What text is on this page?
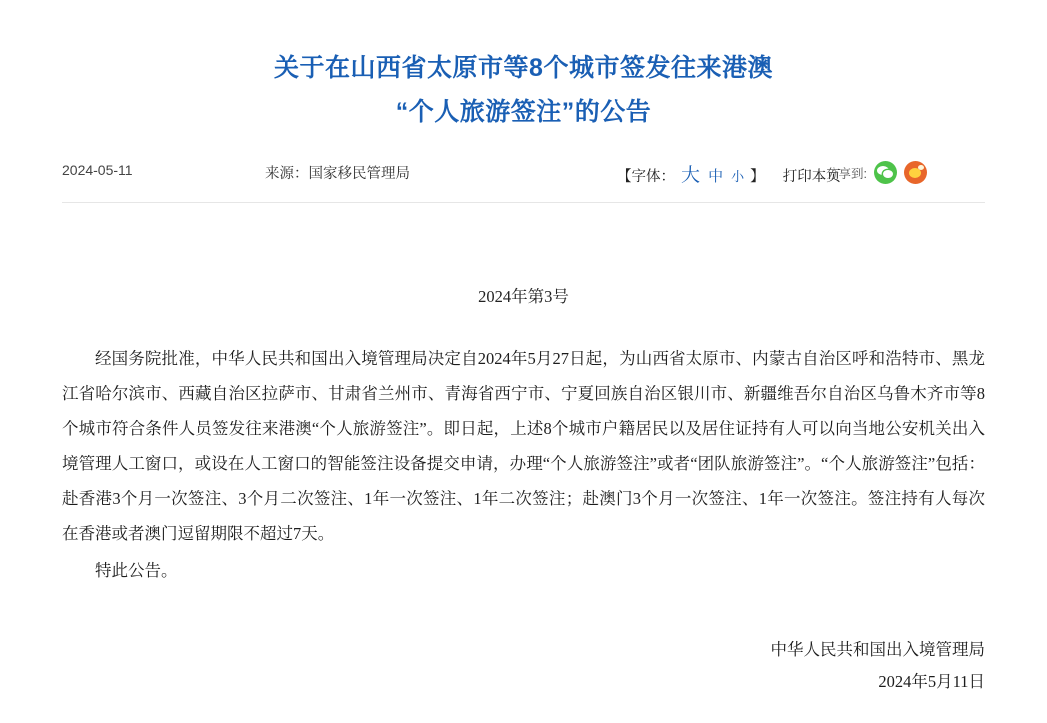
关于在山西省太原市等8个城市签发往来港澳
“个人旅游签注”的公告
2024-05-11	来源：国家移民管理局	【字体： 大 中 小 】 打印本页
分享到:
2024年第3号

经国务院批准，中华人民共和国出入境管理局决定自2024年5月27日起，为山西省太原市、内蒙古自治区呼和浩特市、黑龙江省哈尔滨市、西藏自治区拉萨市、甘肃省兰州市、青海省西宁市、宁夏回族自治区银川市、新疆维吾尔自治区乌鲁木齐市等8个城市符合条件人员签发往来港澳“个人旅游签注”。即日起，上述8个城市户籍居民以及居住证持有人可以向当地公安机关出入境管理人工窗口，或设在人工窗口的智能签注设备提交申请，办理“个人旅游签注”或者“团队旅游签注”。“个人旅游签注”包括：赴香港3个月一次签注、3个月二次签注、1年一次签注、1年二次签注；赴澳门3个月一次签注、1年一次签注。签注持有人每次在香港或者澳门逗留期限不超过7天。

特此公告。

中华人民共和国出入境管理局
2024年5月11日
